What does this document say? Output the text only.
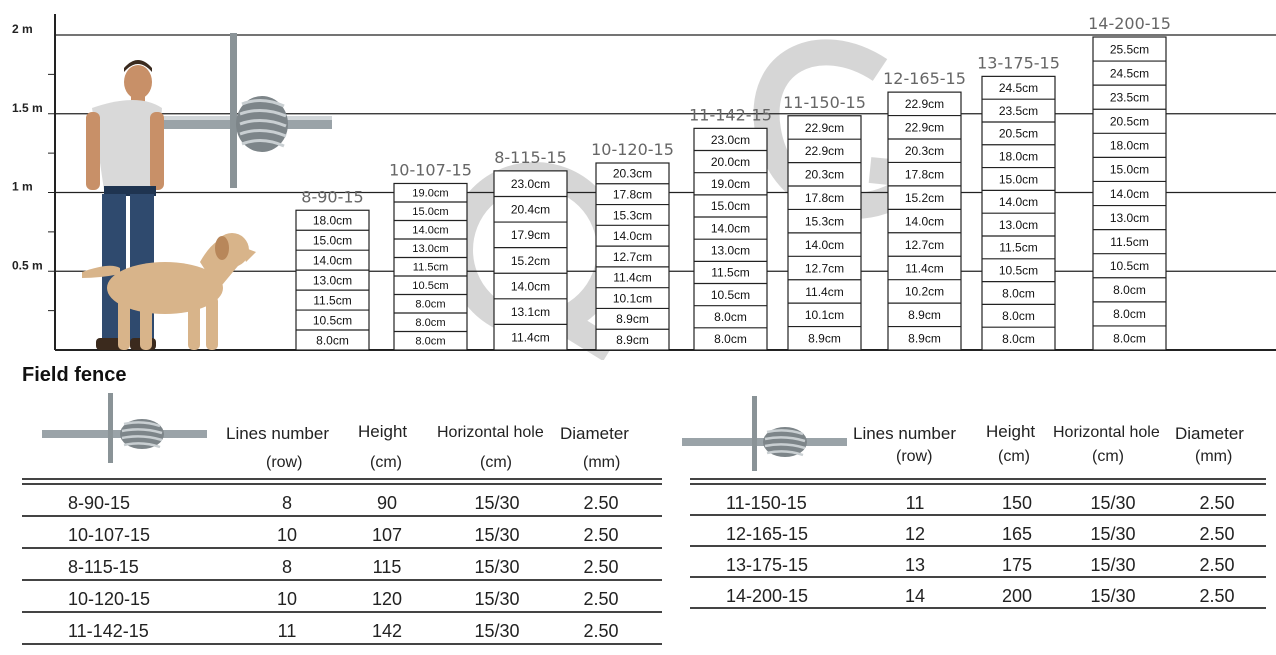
2 m
1.5 m
1 m
0.5 m
18.0cm
15.0cm
14.0cm
13.0cm
11.5cm
10.5cm
8.0cm
8-90-15	19.0cm
15.0cm
14.0cm
13.0cm
11.5cm
10.5cm
8.0cm
8.0cm
8.0cm
10-107-15
23.0cm
20.4cm
17.9cm
15.2cm
14.0cm
13.1cm
11.4cm
8-115-15
20.3cm
17.8cm
15.3cm
14.0cm
12.7cm
11.4cm
10.1cm
8.9cm
8.9cm
10-120-15
23.0cm
20.0cm
19.0cm
15.0cm
14.0cm
13.0cm
11.5cm
10.5cm
8.0cm
8.0cm
11-142-15
22.9cm
22.9cm
20.3cm
17.8cm
15.3cm
14.0cm
12.7cm
11.4cm
10.1cm
8.9cm
11-150-15	22.9cm
22.9cm
20.3cm
17.8cm
15.2cm
14.0cm
12.7cm
11.4cm
10.2cm
8.9cm
8.9cm
12-165-15	24.5cm
23.5cm
20.5cm
18.0cm
15.0cm
14.0cm
13.0cm
11.5cm
10.5cm
8.0cm
8.0cm
8.0cm
13-175-15
25.5cm
24.5cm
23.5cm
20.5cm
18.0cm
15.0cm
14.0cm
13.0cm
11.5cm
10.5cm
8.0cm
8.0cm
8.0cm
14-200-15
Field fence
Lines number Height Horizontal hole Diameter
(row)	(cm)	(cm)	(mm)
8-90-15	8	90	15/30	2.50
10-107-15	10	107	15/30	2.50
8-115-15	8	115	15/30	2.50
10-120-15	10	120	15/30	2.50
11-142-15	11	142	15/30	2.50
Lines number Height Horizontal hole Diameter
(row)	(cm)	(cm)	(mm)
11-150-15	11	150	15/30	2.50
12-165-15	12	165	15/30	2.50
13-175-15	13	175	15/30	2.50
14-200-15	14	200	15/30	2.50
